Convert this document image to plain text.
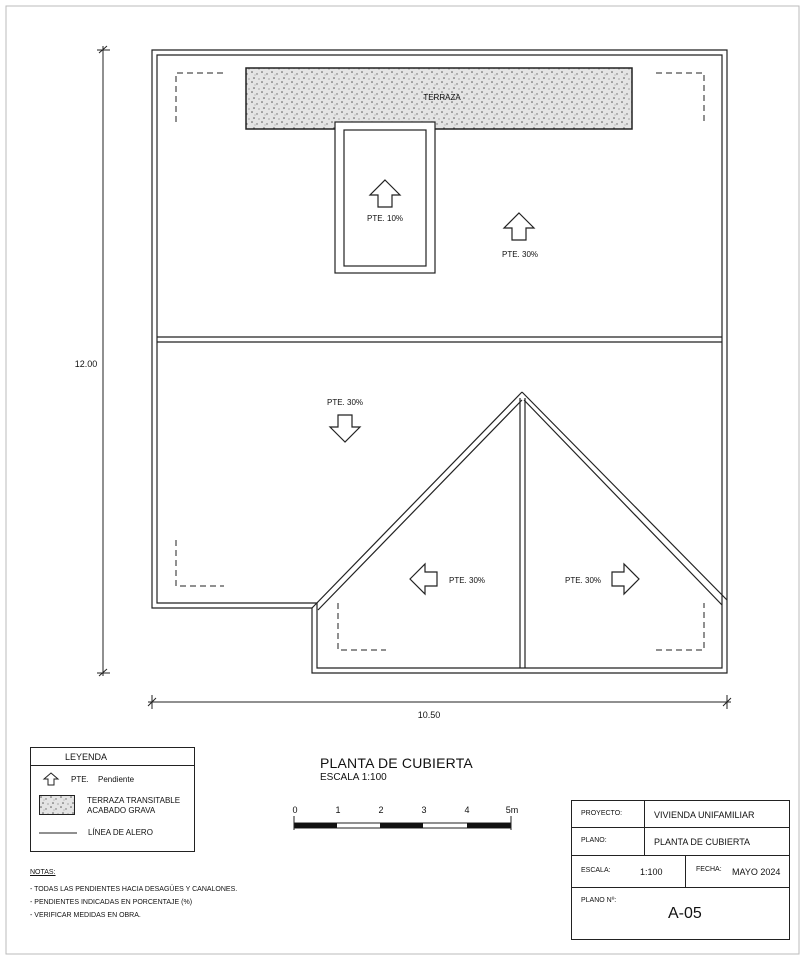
TERRAZA
PTE. 10%
PTE. 30%
PTE. 30%
PTE. 30%	PTE. 30%
12.00
10.50
0	1	2	3	4	5m
PLANTA DE CUBIERTA
ESCALA 1:100
LEYENDA
PTE. Pendiente
TERRAZA TRANSITABLE
ACABADO GRAVA
LÍNEA DE ALERO
NOTAS:
- TODAS LAS PENDIENTES HACIA DESAGÜES Y CANALONES.
- PENDIENTES INDICADAS EN PORCENTAJE (%)
- VERIFICAR MEDIDAS EN OBRA.
PROYECTO:	VIVIENDA UNIFAMILIAR
PLANO:	PLANTA DE CUBIERTA
ESCALA:	1:100	FECHA: MAYO 2024
PLANO Nº:
A-05
